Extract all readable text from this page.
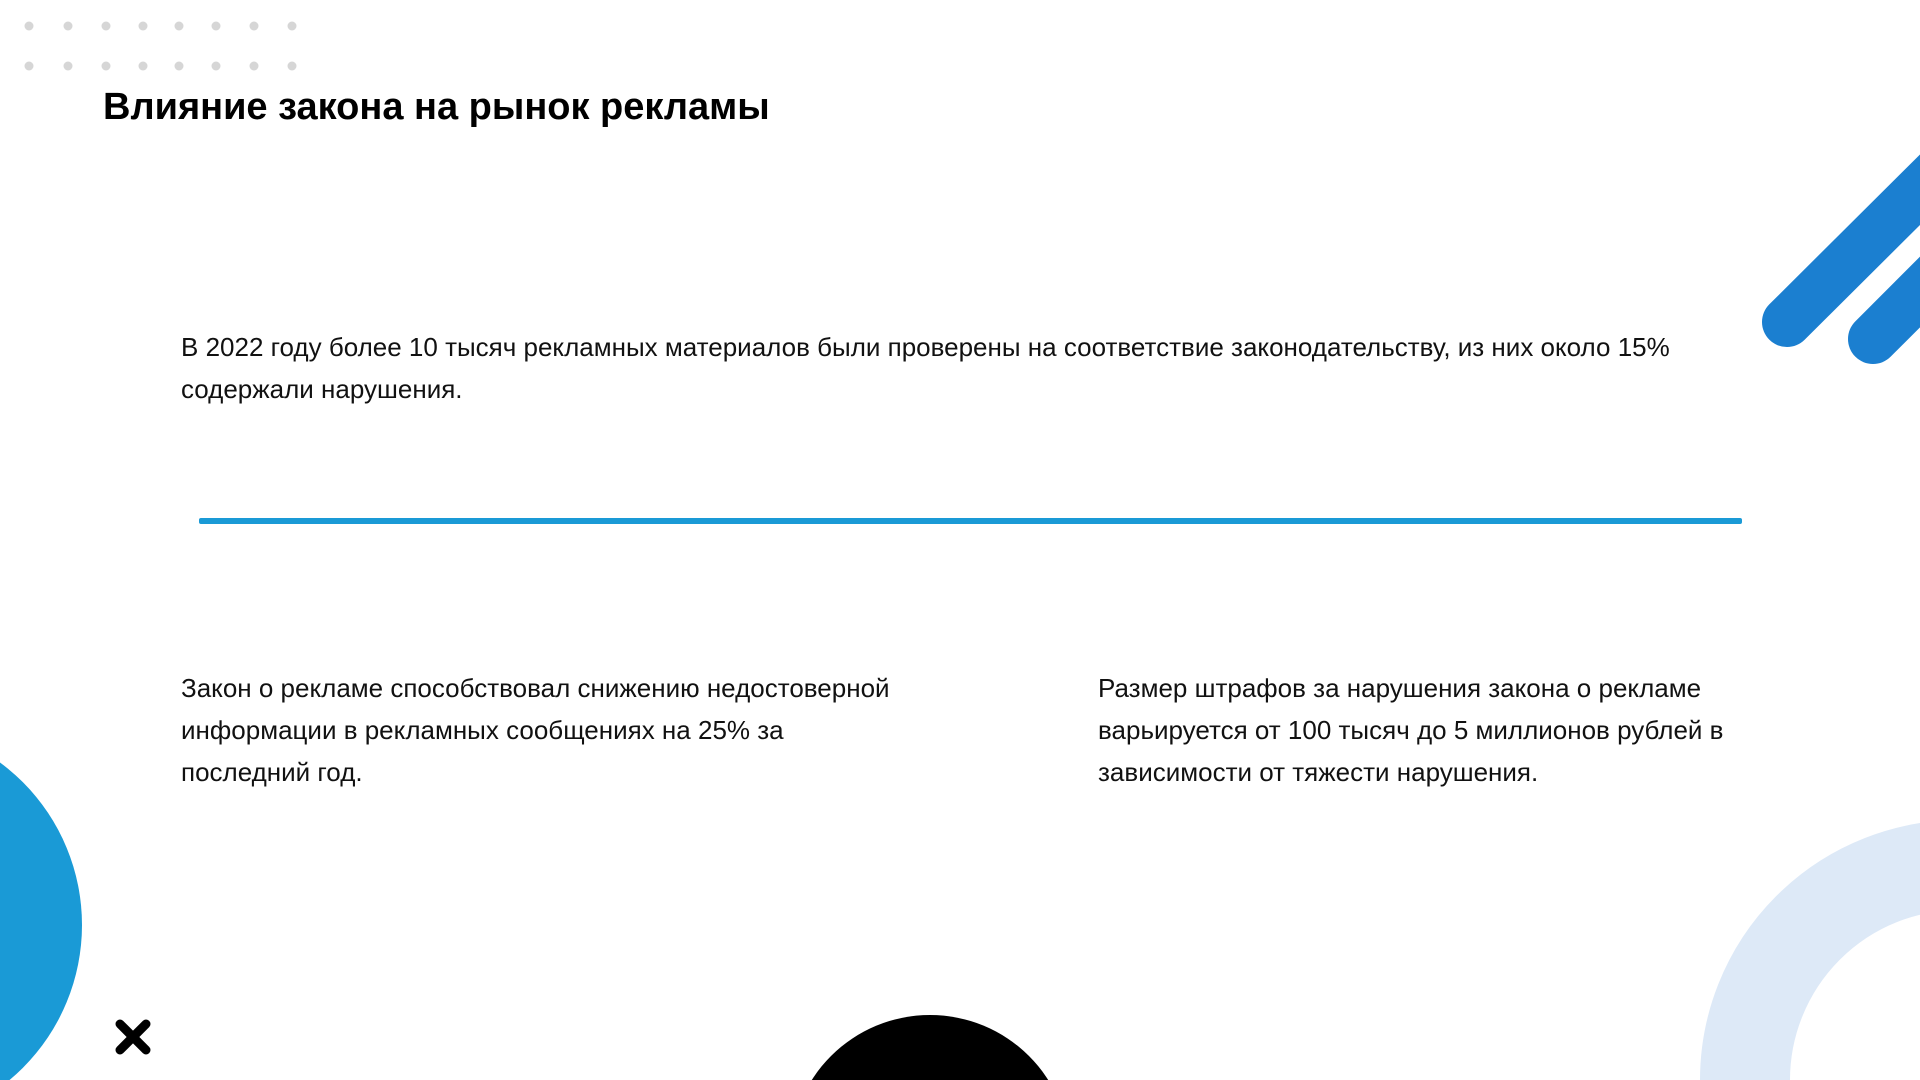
Влияние закона на рынок рекламы

В 2022 году более 10 тысяч рекламных материалов были проверены на соответствие законодательству, из них около 15% содержали нарушения.

Закон о рекламе способствовал снижению недостоверной информации в рекламных сообщениях на 25% за последний год.

Размер штрафов за нарушения закона о рекламе варьируется от 100 тысяч до 5 миллионов рублей в зависимости от тяжести нарушения.
